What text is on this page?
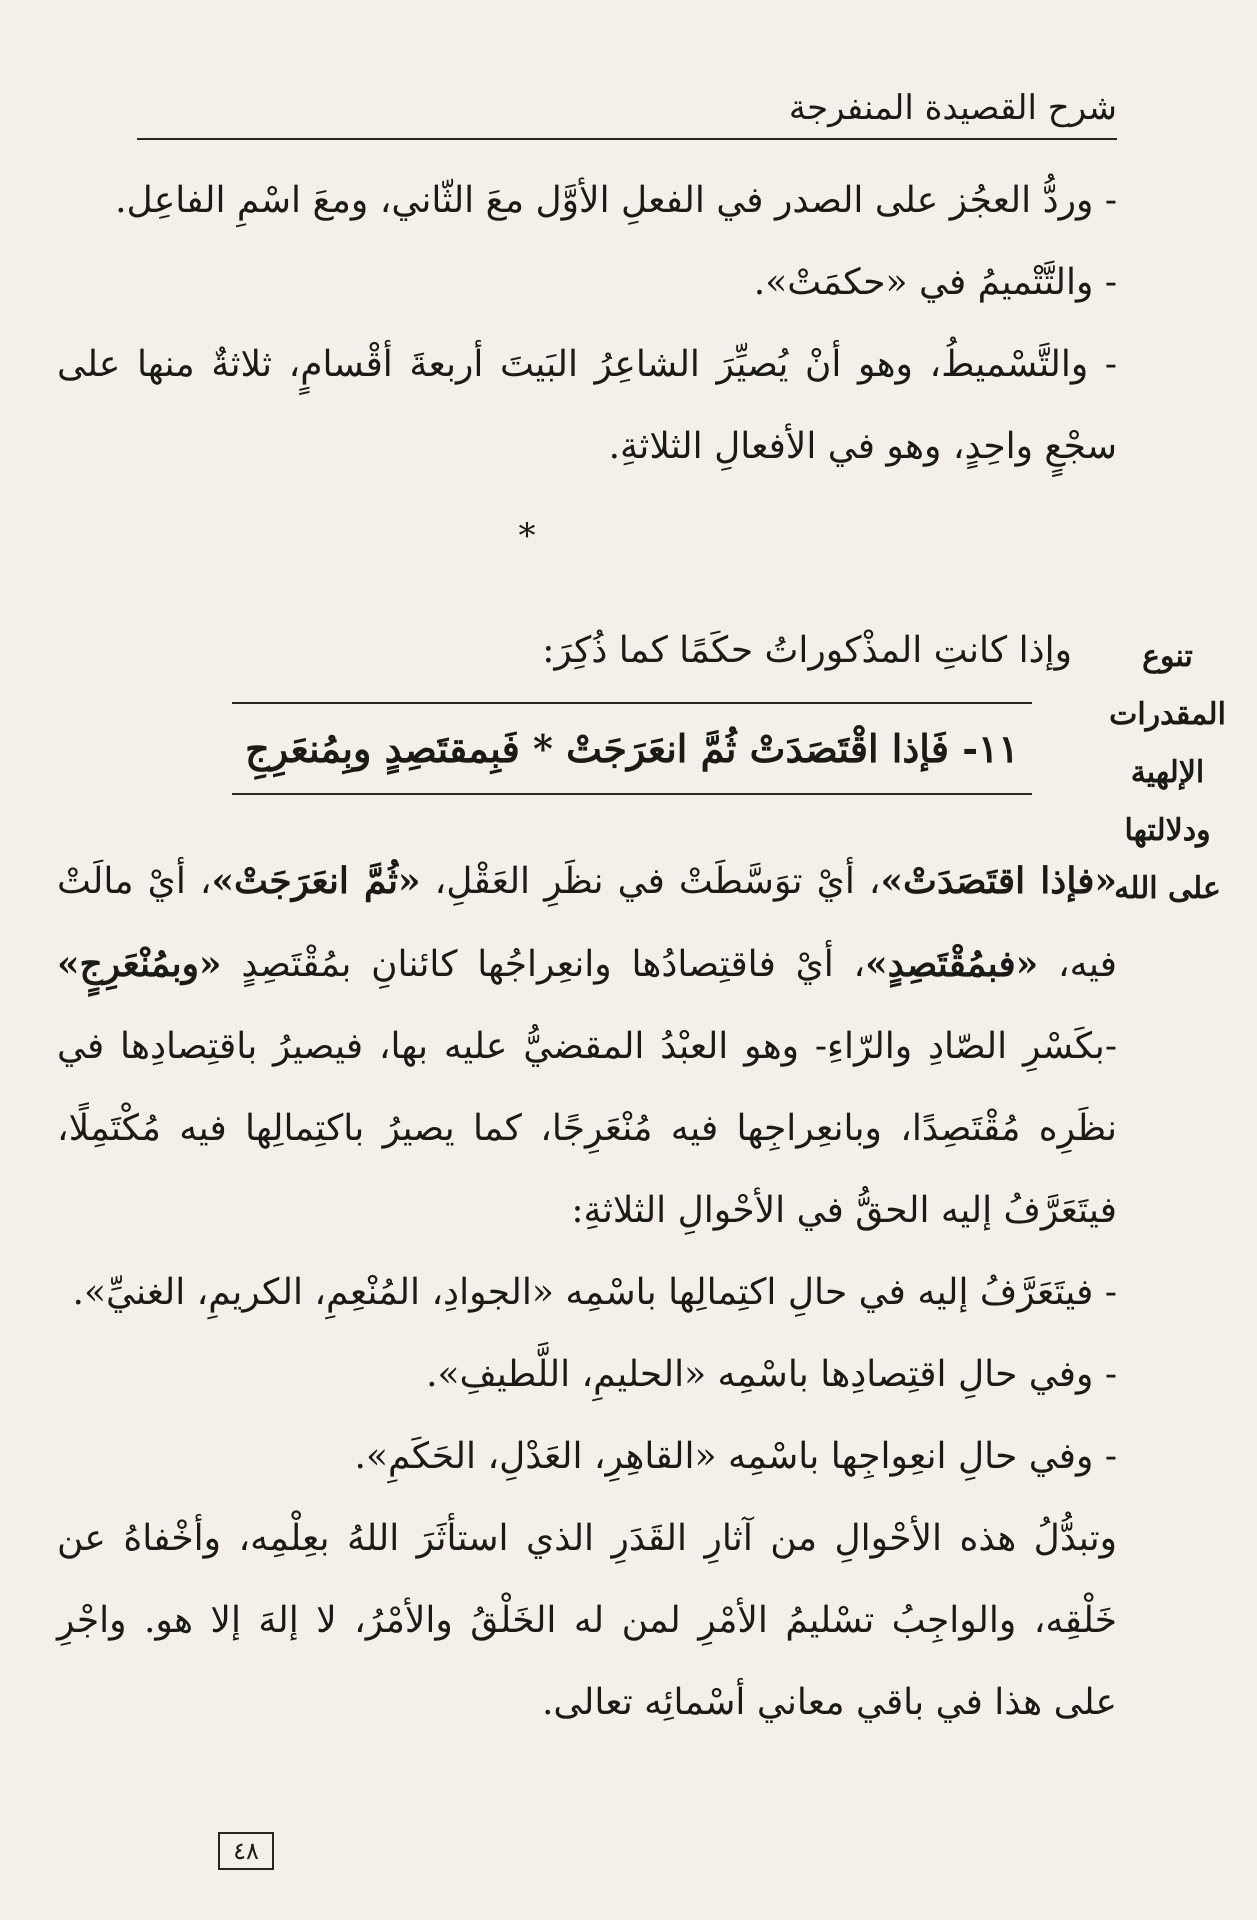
شرح القصيدة المنفرجة
- وردُّ العجُز على الصدر في الفعلِ الأوَّل معَ الثّاني، ومعَ اسْمِ الفاعِل.
- والتَّتْميمُ في «حكمَتْ».
- والتَّسْميطُ، وهو أنْ يُصيِّرَ الشاعِرُ البَيتَ أربعةَ أقْسامٍ، ثلاثةٌ منها على سجْعٍ واحِدٍ، وهو في الأفعالِ الثلاثةِ.
*
تنوع
المقدرات
الإلهية
ودلالتها
على الله
وإذا كانتِ المذْكوراتُ حكَمًا كما ذُكِرَ:
١١- فَإذا اقْتَصَدَتْ ثُمَّ انعَرَجَتْ * فَبِمقتَصِدٍ وبِمُنعَرِجِ
«فإذا اقتَصَدَتْ»، أيْ توَسَّطَتْ في نظَرِ العَقْلِ، «ثُمَّ انعَرَجَتْ»، أيْ مالَتْ فيه، «فبمُقْتَصِدٍ»، أيْ فاقتِصادُها وانعِراجُها كائنانِ بمُقْتَصِدٍ «وبمُنْعَرِجٍ» -بكَسْرِ الصّادِ والرّاءِ- وهو العبْدُ المقضيُّ عليه بها، فيصيرُ باقتِصادِها في نظَرِه مُقْتَصِدًا، وبانعِراجِها فيه مُنْعَرِجًا، كما يصيرُ باكتِمالِها فيه مُكْتَمِلًا، فيتَعَرَّفُ إليه الحقُّ في الأحْوالِ الثلاثةِ:
- فيتَعَرَّفُ إليه في حالِ اكتِمالِها باسْمِه «الجوادِ، المُنْعِمِ، الكريمِ، الغنيِّ».
- وفي حالِ اقتِصادِها باسْمِه «الحليمِ، اللَّطيفِ».
- وفي حالِ انعِواجِها باسْمِه «القاهِرِ، العَدْلِ، الحَكَمِ».
وتبدُّلُ هذه الأحْوالِ من آثارِ القَدَرِ الذي استأثَرَ اللهُ بعِلْمِه، وأخْفاهُ عن خَلْقِه، والواجِبُ تسْليمُ الأمْرِ لمن له الخَلْقُ والأمْرُ، لا إلهَ إلا هو. واجْرِ على هذا في باقي معاني أسْمائِه تعالى.
٤٨
